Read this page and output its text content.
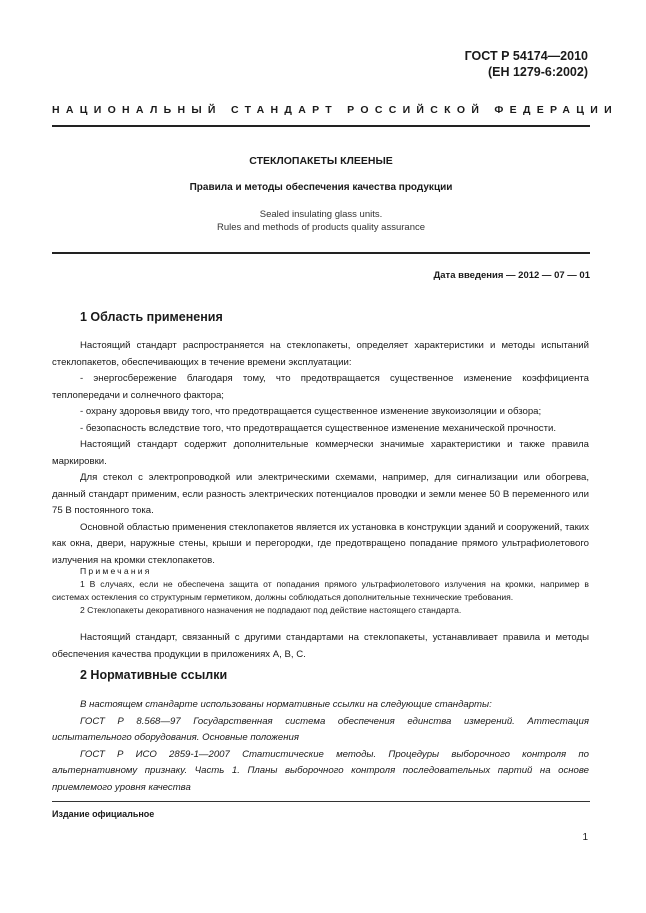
ГОСТ Р 54174—2010
(ЕН 1279-6:2002)
НАЦИОНАЛЬНЫЙ СТАНДАРТ РОССИЙСКОЙ ФЕДЕРАЦИИ
СТЕКЛОПАКЕТЫ КЛЕЕНЫЕ
Правила и методы обеспечения качества продукции
Sealed insulating glass units.
Rules and methods of products quality assurance
Дата введения — 2012 — 07 — 01
1 Область применения

Настоящий стандарт распространяется на стеклопакеты, определяет характеристики и методы испытаний стеклопакетов, обеспечивающих в течение времени эксплуатации:

- энергосбережение благодаря тому, что предотвращается существенное изменение коэффициента теплопередачи и солнечного фактора;

- охрану здоровья ввиду того, что предотвращается существенное изменение звукоизоляции и обзора;

- безопасность вследствие того, что предотвращается существенное изменение механической прочности.

Настоящий стандарт содержит дополнительные коммерчески значимые характеристики и также правила маркировки.

Для стекол с электропроводкой или электрическими схемами, например, для сигнализации или обогрева, данный стандарт применим, если разность электрических потенциалов проводки и земли менее 50 В переменного или 75 В постоянного тока.

Основной областью применения стеклопакетов является их установка в конструкции зданий и сооружений, таких как окна, двери, наружные стены, крыши и перегородки, где предотвращено попадание прямого ультрафиолетового излучения на кромки стеклопакетов.

Примечания

1 В случаях, если не обеспечена защита от попадания прямого ультрафиолетового излучения на кромки, например в системах остекления со структурным герметиком, должны соблюдаться дополнительные технические требования.

2 Стеклопакеты декоративного назначения не подпадают под действие настоящего стандарта.

Настоящий стандарт, связанный с другими стандартами на стеклопакеты, устанавливает правила и методы обеспечения качества продукции в приложениях А, В, С.

2 Нормативные ссылки

В настоящем стандарте использованы нормативные ссылки на следующие стандарты:

ГОСТ Р 8.568—97 Государственная система обеспечения единства измерений. Аттестация испытательного оборудования. Основные положения

ГОСТ Р ИСО 2859-1—2007 Статистические методы. Процедуры выборочного контроля по альтернативному признаку. Часть 1. Планы выборочного контроля последовательных партий на основе приемлемого уровня качества

Издание официальное
1
